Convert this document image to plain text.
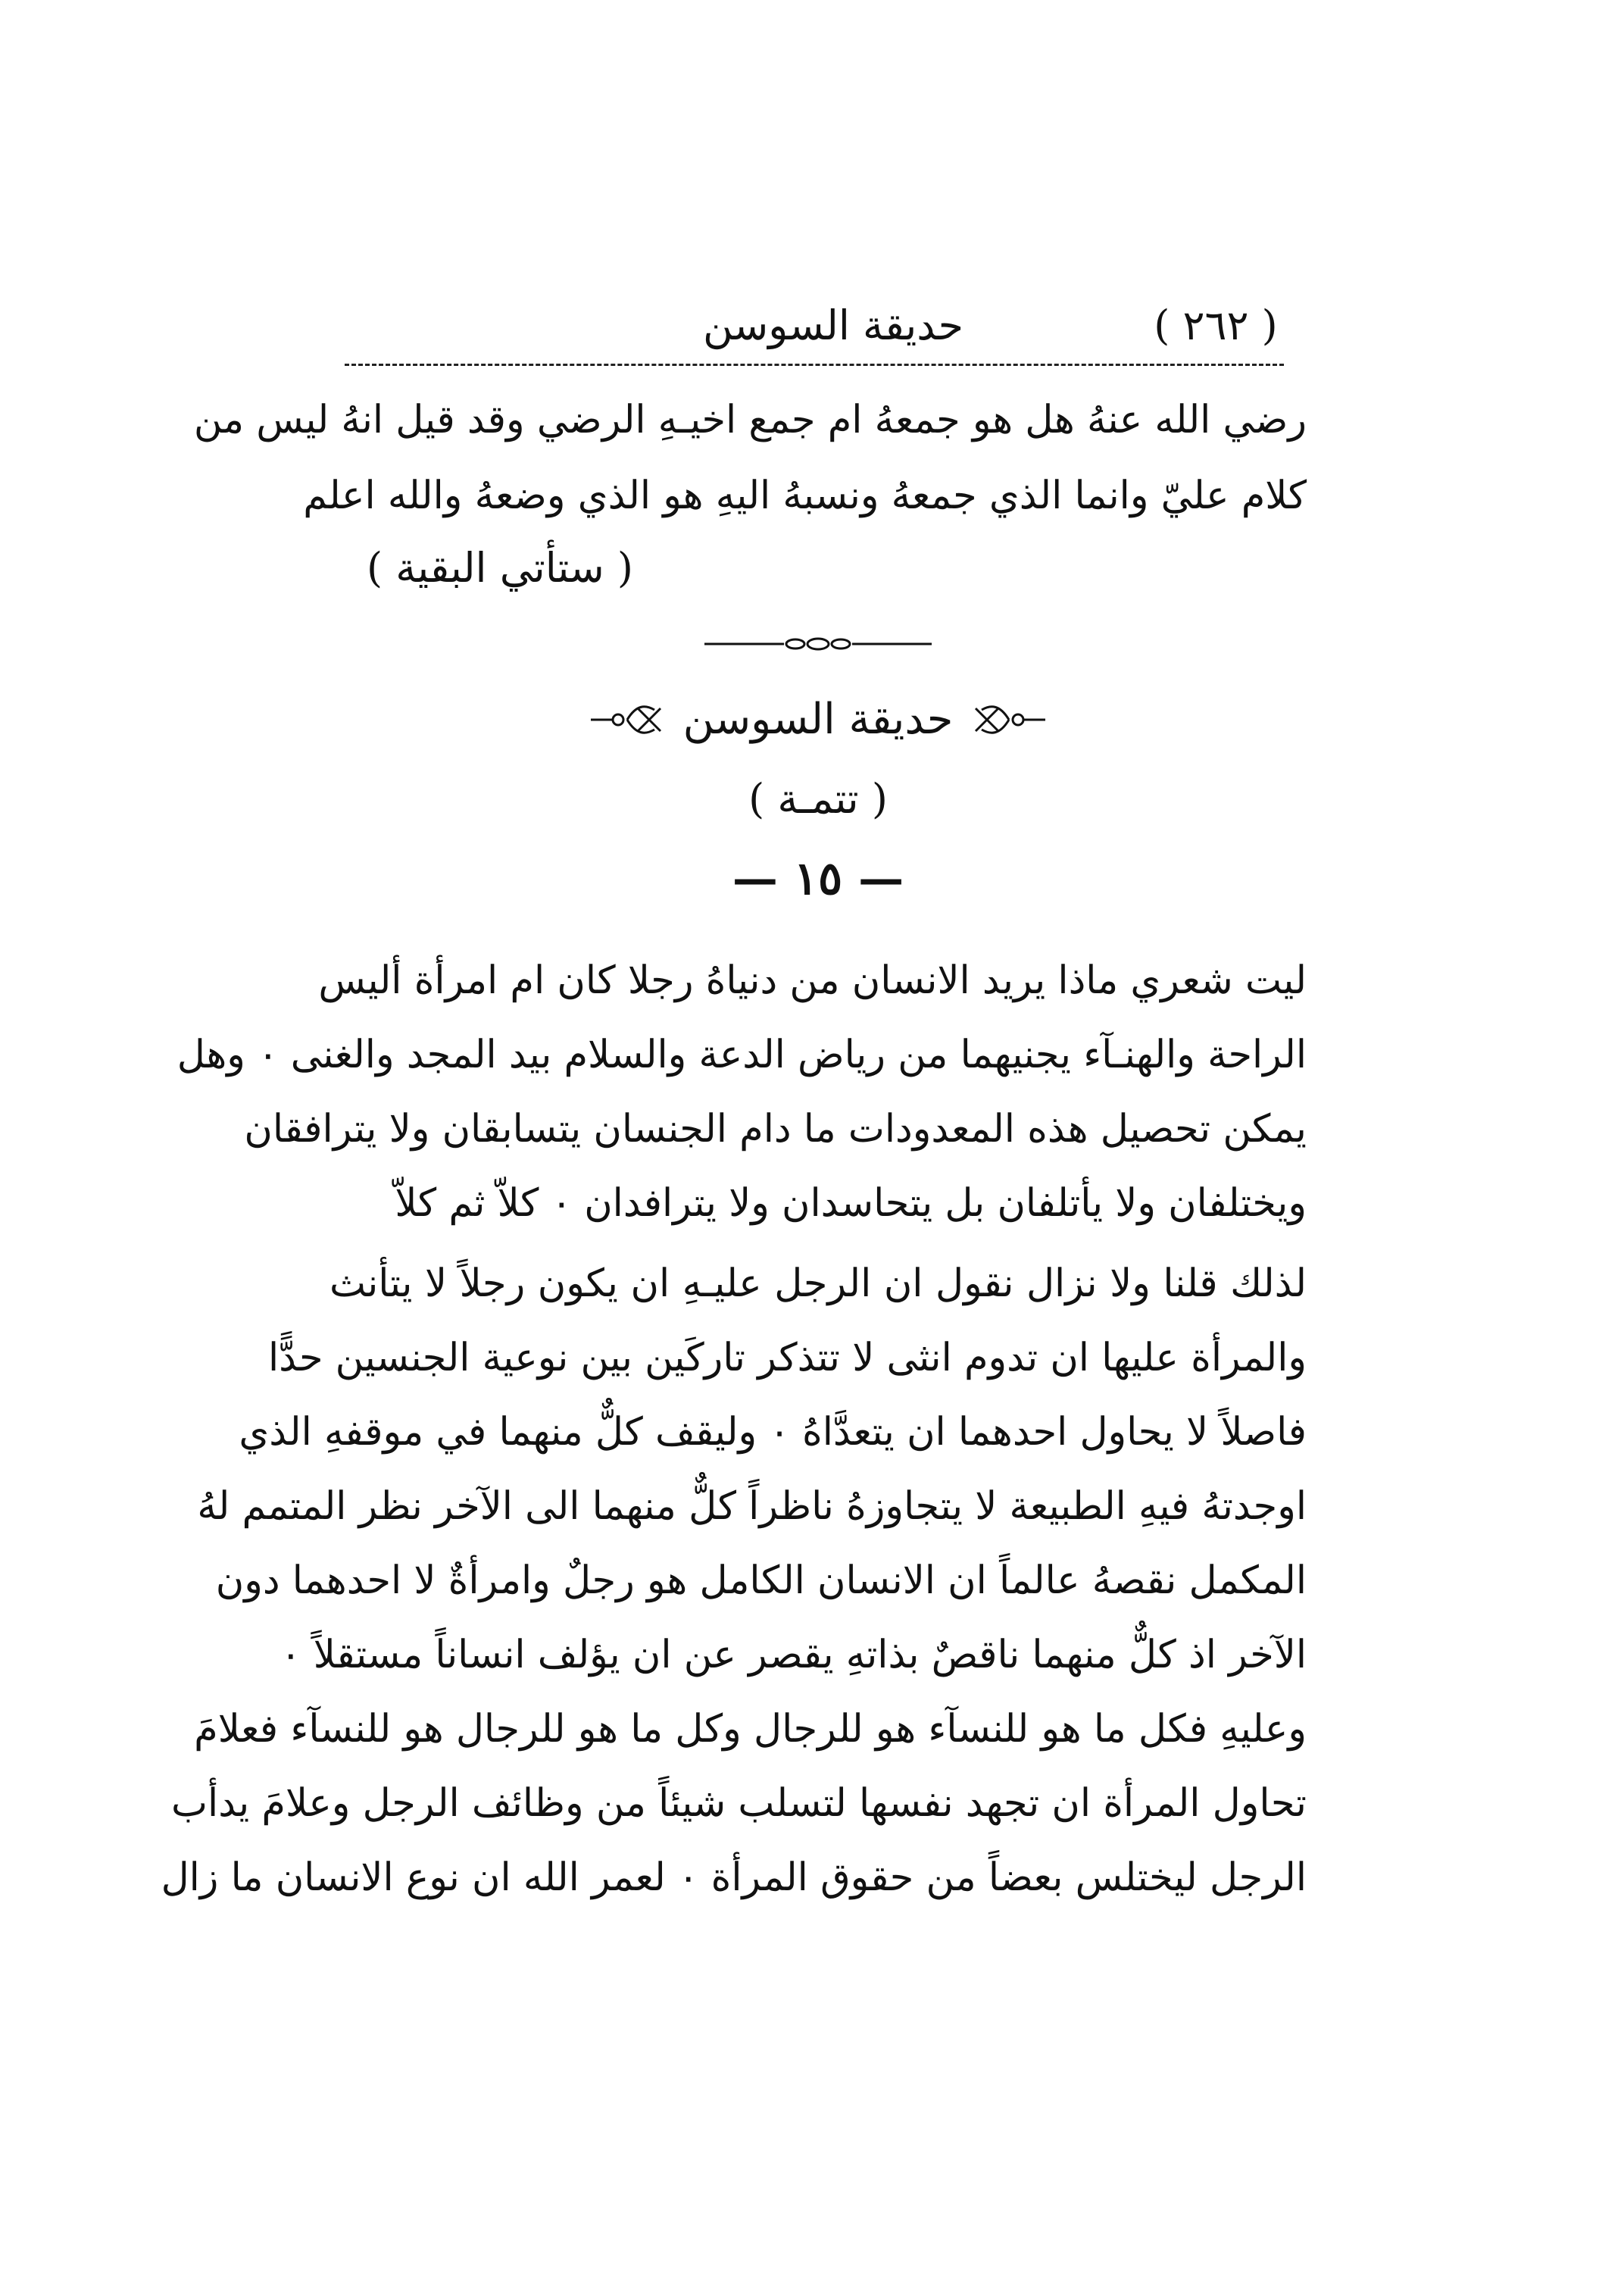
( ٢٦٢ )
حديقة السوسن
رضي الله عنهُ هل هو جمعهُ ام جمع اخيـهِ الرضي وقد قيل انهُ ليس من
كلام عليّ وانما الذي جمعهُ ونسبهُ اليهِ هو الذي وضعهُ والله اعلم
( ستأتي البقية )
حديقة السوسن
( تتمـة )
— ١٥ —
ليت شعري ماذا يريد الانسان من دنياهُ رجلا كان ام امرأة أليس
الراحة والهنـآء يجنيهما من رياض الدعة والسلام بيد المجد والغنى ٠ وهل
يمكن تحصيل هذه المعدودات ما دام الجنسان يتسابقان ولا يترافقان
ويختلفان ولا يأتلفان بل يتحاسدان ولا يترافدان ٠ كلاّ ثم كلاّ
لذلك قلنا ولا نزال نقول ان الرجل عليـهِ ان يكون رجلاً لا يتأنث
والمرأة عليها ان تدوم انثى لا تتذكر تاركَين بين نوعية الجنسين حدًّا
فاصلاً لا يحاول احدهما ان يتعدَّاهُ ٠ وليقف كلٌّ منهما في موقفهِ الذي
اوجدتهُ فيهِ الطبيعة لا يتجاوزهُ ناظراً كلٌّ منهما الى الآخر نظر المتمم لهُ
المكمل نقصهُ عالماً ان الانسان الكامل هو رجلٌ وامرأةٌ لا احدهما دون
الآخر اذ كلٌّ منهما ناقصٌ بذاتهِ يقصر عن ان يؤلف انساناً مستقلاً ٠
وعليهِ فكل ما هو للنسآء هو للرجال وكل ما هو للرجال هو للنسآء فعلامَ
تحاول المرأة ان تجهد نفسها لتسلب شيئاً من وظائف الرجل وعلامَ يدأب
الرجل ليختلس بعضاً من حقوق المرأة ٠ لعمر الله ان نوع الانسان ما زال
